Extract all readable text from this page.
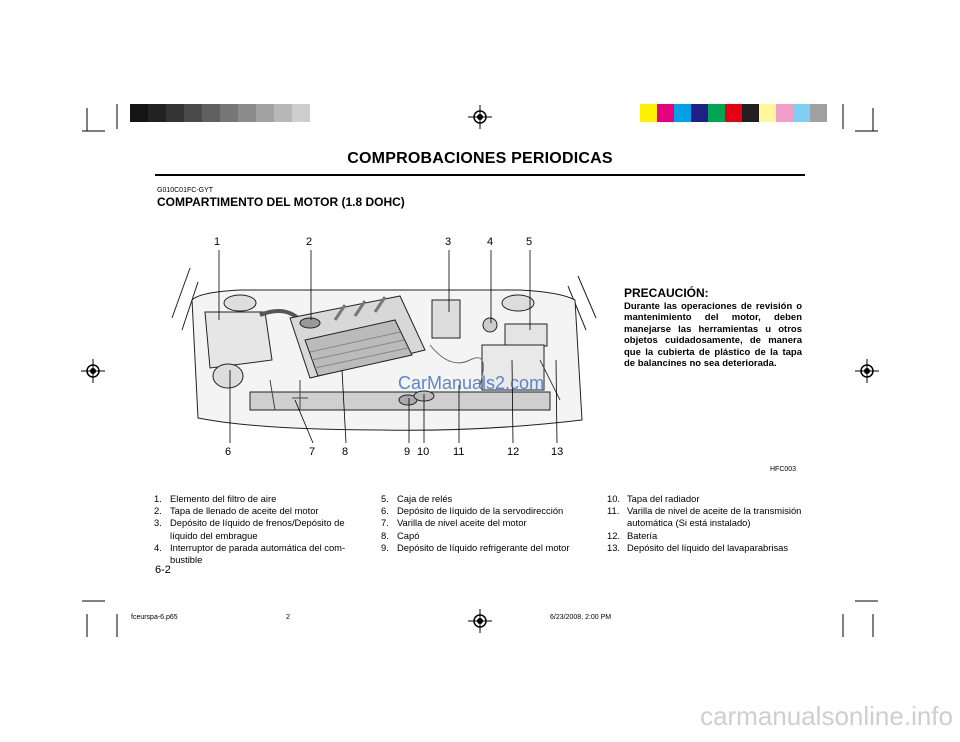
COMPROBACIONES PERIODICAS
G010C01FC-GYT
COMPARTIMENTO DEL MOTOR (1.8 DOHC)
1	2	3	4	5
6	7 8	9 10 11	12	13
CarManuals2.com
PRECAUCIÓN:
Durante las operaciones de revisión o mantenimiento del motor, deben manejarse las herramientas u otros objetos cuidadosamente, de manera que la cubierta de plástico de la tapa de balancines no sea deteriorada.
HFC003
1. Elemento del filtro de aire
2. Tapa de llenado de aceite del motor
3. Depósito de líquido de frenos/Depósito de líquido del embrague
4. Interruptor de parada automática del com-bustible
5. Caja de relés
6. Depósito de líquido de la servodirección
7. Varilla de nivel aceite del motor
8. Capó
9. Depósito de líquido refrigerante del motor
10. Tapa del radiador
11. Varilla de nivel de aceite de la transmisión automática (Si está instalado)
12. Batería
13. Depósito del líquido del lavaparabrisas
6-2
fceurspa-6.p65	2	6/23/2008, 2:00 PM
carmanualsonline.info
